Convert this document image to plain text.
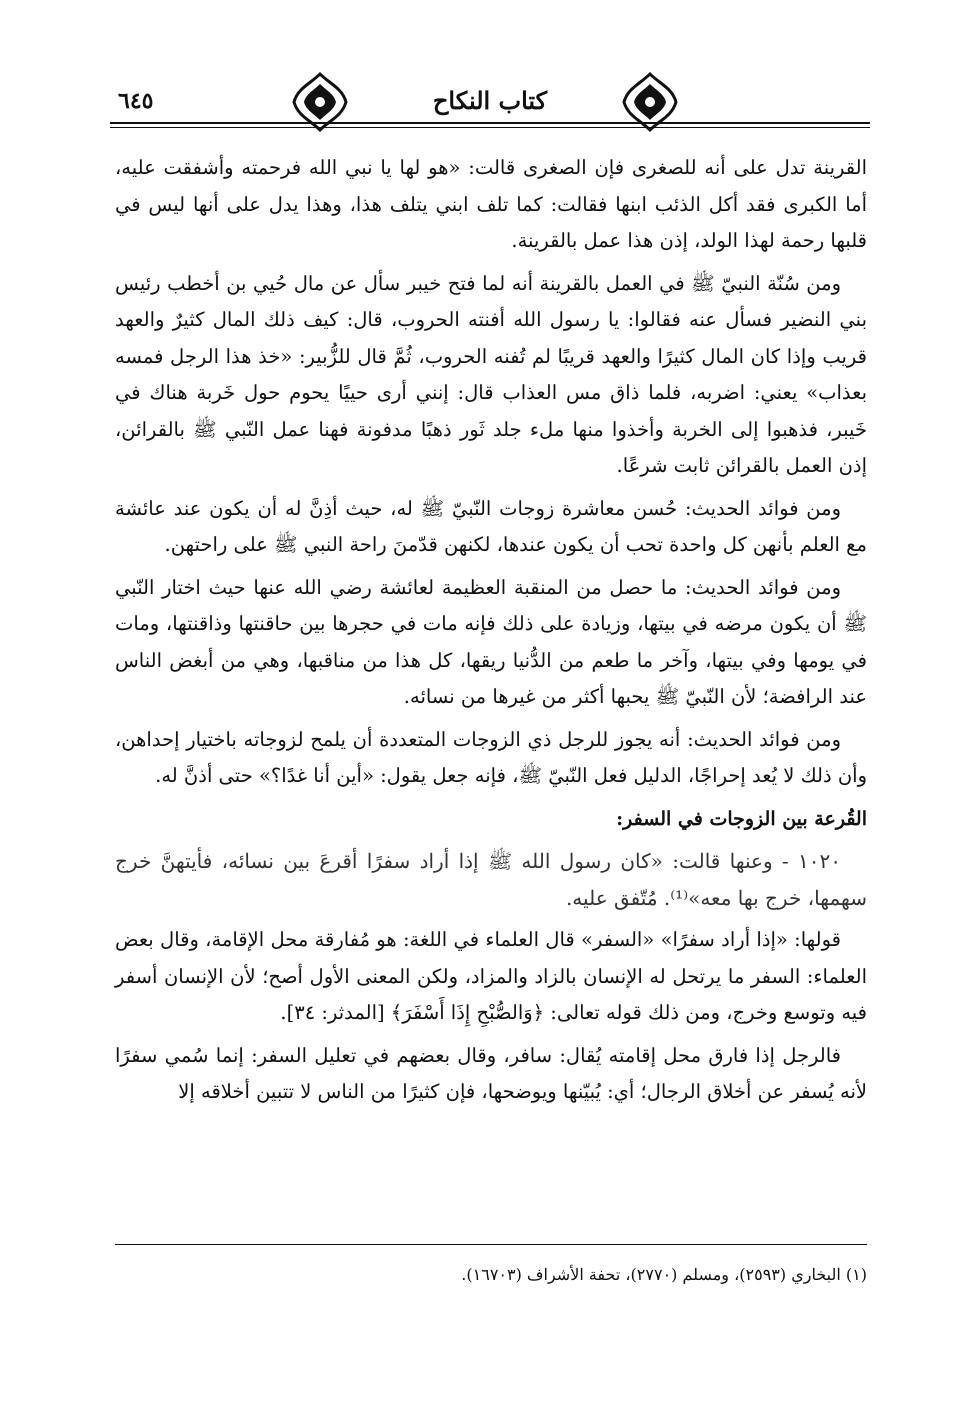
٦٤٥	كتاب النكاح

القرينة تدل على أنه للصغرى فإن الصغرى قالت: «هو لها يا نبي الله فرحمته وأشفقت عليه، أما الكبرى فقد أكل الذئب ابنها فقالت: كما تلف ابني يتلف هذا، وهذا يدل على أنها ليس في قلبها رحمة لهذا الولد، إذن هذا عمل بالقرينة.

ومن سُنّة النبيّ ﷺ في العمل بالقرينة أنه لما فتح خيبر سأل عن مال حُيي بن أخطب رئيس بني النضير فسأل عنه فقالوا: يا رسول الله أفنته الحروب، قال: كيف ذلك المال كثيرٌ والعهد قريب وإذا كان المال كثيرًا والعهد قريبًا لم تُفنه الحروب، ثُمَّ قال للزُّبير: «خذ هذا الرجل فمسه بعذاب» يعني: اضربه، فلما ذاق مس العذاب قال: إنني أرى حييًا يحوم حول خَربة هناك في خَيبر، فذهبوا إلى الخربة وأخذوا منها ملء جلد ثَور ذهبًا مدفونة فهنا عمل النّبي ﷺ بالقرائن، إذن العمل بالقرائن ثابت شرعًا.

ومن فوائد الحديث: حُسن معاشرة زوجات النّبيّ ﷺ له، حيث أذِنَّ له أن يكون عند عائشة مع العلم بأنهن كل واحدة تحب أن يكون عندها، لكنهن قدّمنَ راحة النبي ﷺ على راحتهن.

ومن فوائد الحديث: ما حصل من المنقبة العظيمة لعائشة رضي الله عنها حيث اختار النّبي ﷺ أن يكون مرضه في بيتها، وزيادة على ذلك فإنه مات في حجرها بين حاقنتها وذاقنتها، ومات في يومها وفي بيتها، وآخر ما طعم من الدُّنيا ريقها، كل هذا من مناقبها، وهي من أبغض الناس عند الرافضة؛ لأن النّبيّ ﷺ يحبها أكثر من غيرها من نسائه.

ومن فوائد الحديث: أنه يجوز للرجل ذي الزوجات المتعددة أن يلمح لزوجاته باختيار إحداهن، وأن ذلك لا يُعد إحراجًا، الدليل فعل النّبيّ ﷺ، فإنه جعل يقول: «أين أنا غدًا؟» حتى أذنَّ له.

القُرعة بين الزوجات في السفر:

١٠٢٠ - وعنها قالت: «كان رسول الله ﷺ إذا أراد سفرًا أقرعَ بين نسائه، فأيتهنَّ خرج سهمها، خرج بها معه»⁽¹⁾. مُتّفق عليه.

قولها: «إذا أراد سفرًا» «السفر» قال العلماء في اللغة: هو مُفارقة محل الإقامة، وقال بعض العلماء: السفر ما يرتحل له الإنسان بالزاد والمزاد، ولكن المعنى الأول أصح؛ لأن الإنسان أسفر فيه وتوسع وخرج، ومن ذلك قوله تعالى: ﴿وَالصُّبْحِ إِذَا أَسْفَرَ﴾ [المدثر: ٣٤].

فالرجل إذا فارق محل إقامته يُقال: سافر، وقال بعضهم في تعليل السفر: إنما سُمي سفرًا لأنه يُسفر عن أخلاق الرجال؛ أي: يُبيّنها ويوضحها، فإن كثيرًا من الناس لا تتبين أخلاقه إلا

(١) البخاري (٢٥٩٣)، ومسلم (٢٧٧٠)، تحفة الأشراف (١٦٧٠٣).
